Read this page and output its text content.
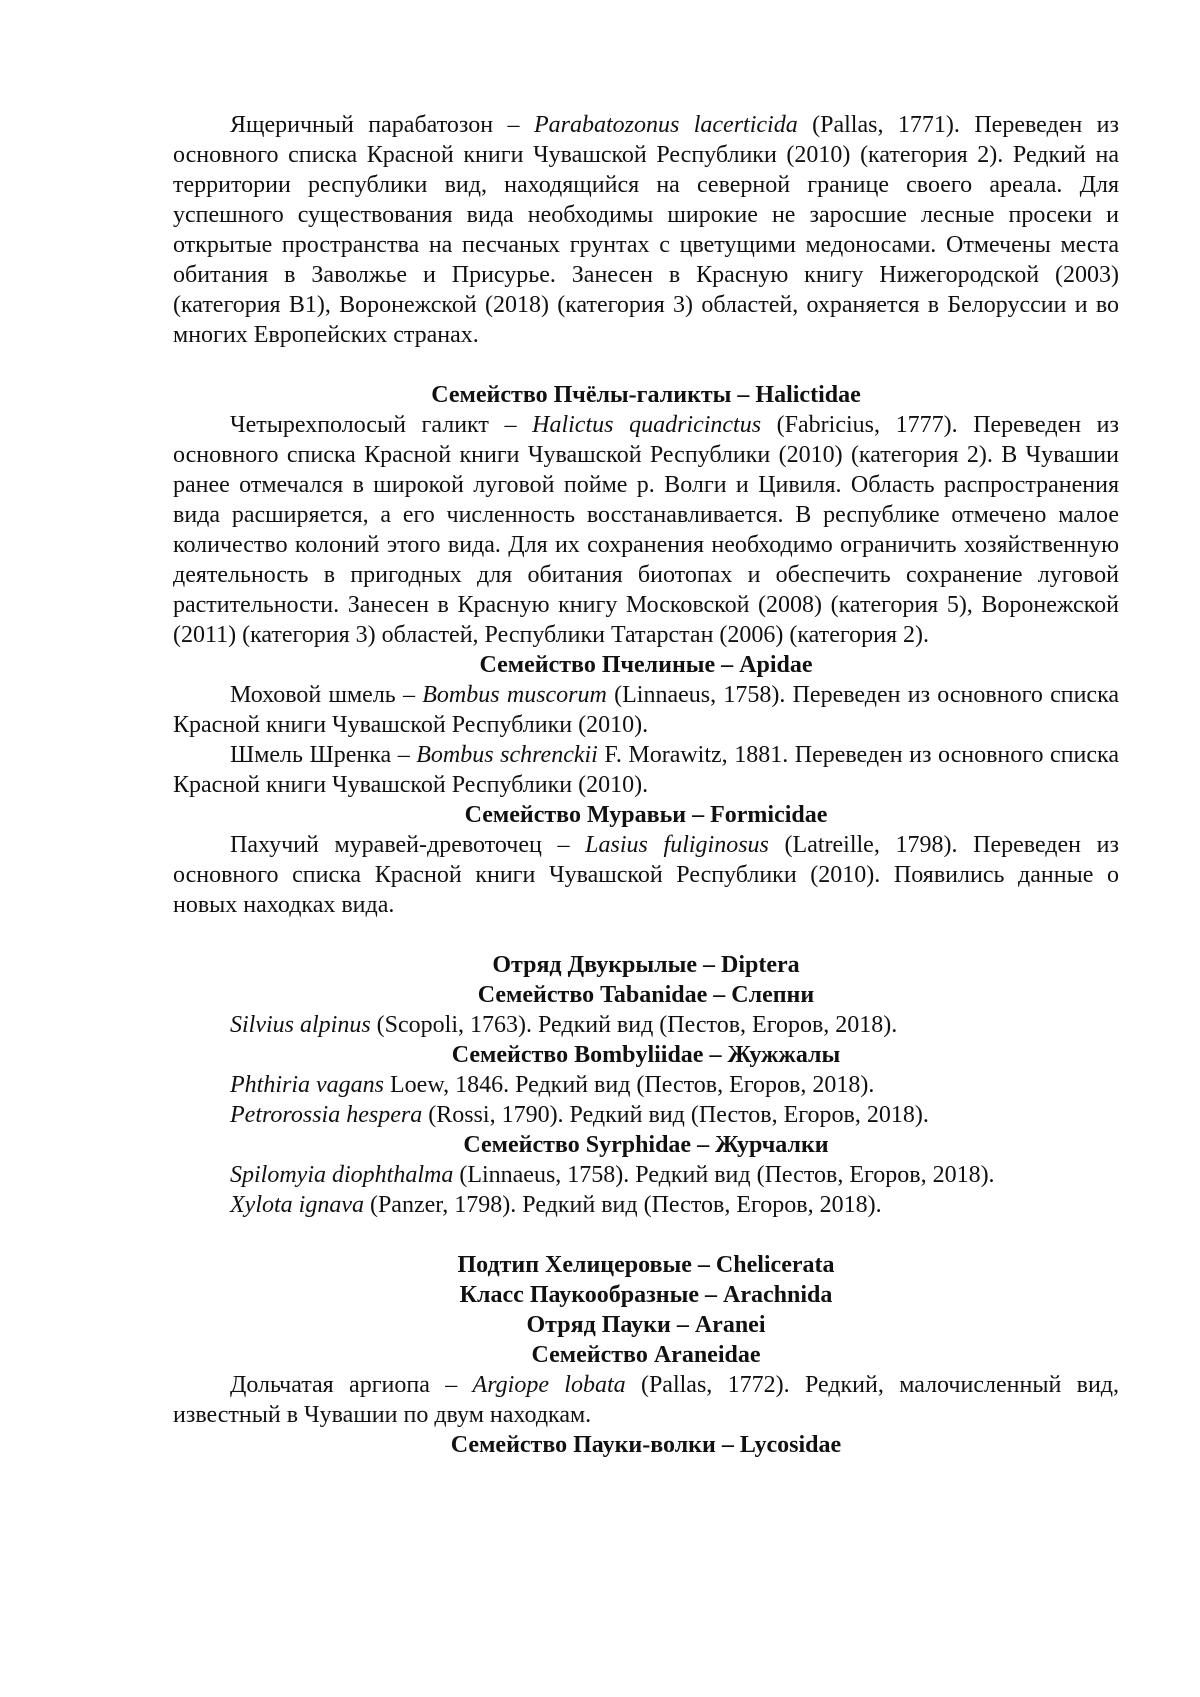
Ящеричный парабатозон – Parabatozonus lacerticida (Pallas, 1771). Переведен из основного списка Красной книги Чувашской Республики (2010) (категория 2). Редкий на территории республики вид, находящийся на северной границе своего ареала. Для успешного существования вида необходимы широкие не заросшие лесные просеки и открытые пространства на песчаных грунтах с цветущими медоносами. Отмечены места обитания в Заволжье и Присурье. Занесен в Красную книгу Нижегородской (2003) (категория В1), Воронежской (2018) (категория 3) областей, охраняется в Белоруссии и во многих Европейских странах.

Семейство Пчёлы-галикты – Halictidae

Четырехполосый галикт – Halictus quadricinctus (Fabricius, 1777). Переведен из основного списка Красной книги Чувашской Республики (2010) (категория 2). В Чувашии ранее отмечался в широкой луговой пойме р. Волги и Цивиля. Область распространения вида расширяется, а его численность восстанавливается. В республике отмечено малое количество колоний этого вида. Для их сохранения необходимо ограничить хозяйственную деятельность в пригодных для обитания биотопах и обеспечить сохранение луговой растительности. Занесен в Красную книгу Московской (2008) (категория 5), Воронежской (2011) (категория 3) областей, Республики Татарстан (2006) (категория 2).

Семейство Пчелиные – Apidae

Моховой шмель – Bombus muscorum (Linnaeus, 1758). Переведен из основного списка Красной книги Чувашской Республики (2010).

Шмель Шренка – Bombus schrenckii F. Morawitz, 1881. Переведен из основного списка Красной книги Чувашской Республики (2010).

Семейство Муравьи – Formicidae

Пахучий муравей-древоточец – Lasius fuliginosus (Latreille, 1798). Переведен из основного списка Красной книги Чувашской Республики (2010). Появились данные о новых находках вида.

Отряд Двукрылые – Diptera

Семейство Tabanidae – Слепни

Silvius alpinus (Scopoli, 1763). Редкий вид (Пестов, Егоров, 2018).

Семейство Bombyliidae – Жужжалы

Phthiria vagans Loew, 1846. Редкий вид (Пестов, Егоров, 2018).

Petrorossia hespera (Rossi, 1790). Редкий вид (Пестов, Егоров, 2018).

Семейство Syrphidae – Журчалки

Spilomyia diophthalma (Linnaeus, 1758). Редкий вид (Пестов, Егоров, 2018).

Xylota ignava (Panzer, 1798). Редкий вид (Пестов, Егоров, 2018).

Подтип Хелицеровые – Chelicerata

Класс Паукообразные – Arachnida

Отряд Пауки – Aranei

Семейство Araneidae

Дольчатая аргиопа – Argiope lobata (Pallas, 1772). Редкий, малочисленный вид, известный в Чувашии по двум находкам.

Семейство Пауки-волки – Lycosidae
